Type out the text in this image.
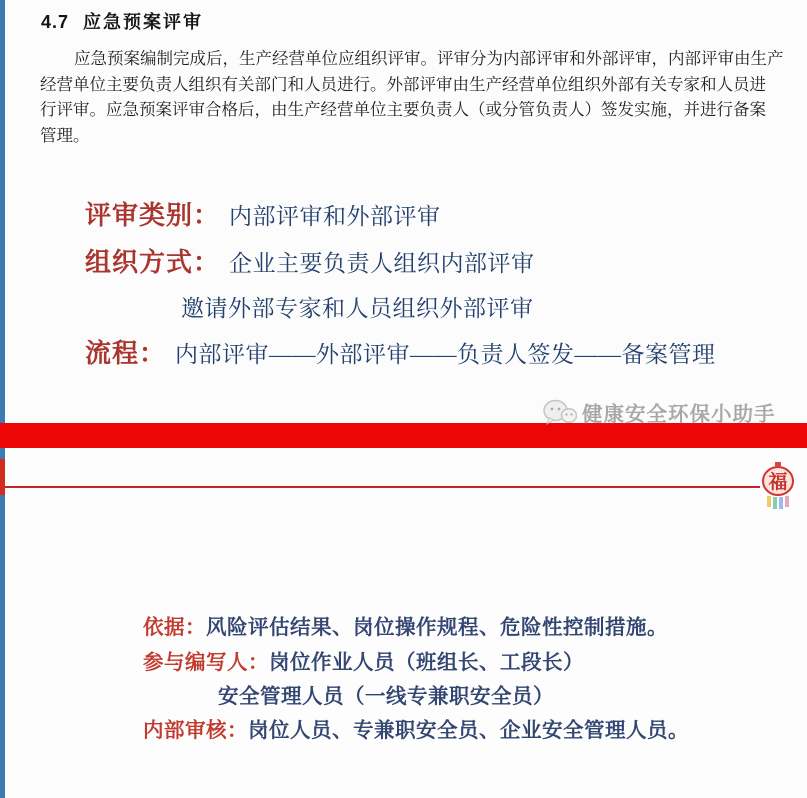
4.7 应急预案评审
应急预案编制完成后，生产经营单位应组织评审。评审分为内部评审和外部评审，内部评审由生产
经营单位主要负责人组织有关部门和人员进行。外部评审由生产经营单位组织外部有关专家和人员进
行评审。应急预案评审合格后，由生产经营单位主要负责人（或分管负责人）签发实施，并进行备案
管理。
评审类别： 内部评审和外部评审
组织方式： 企业主要负责人组织内部评审
邀请外部专家和人员组织外部评审
流程： 内部评审——外部评审——负责人签发——备案管理
健康安全环保小助手
福
依据： 风险评估结果、岗位操作规程、危险性控制措施。
参与编写人： 岗位作业人员（班组长、工段长）
安全管理人员（一线专兼职安全员）
内部审核： 岗位人员、专兼职安全员、企业安全管理人员。
